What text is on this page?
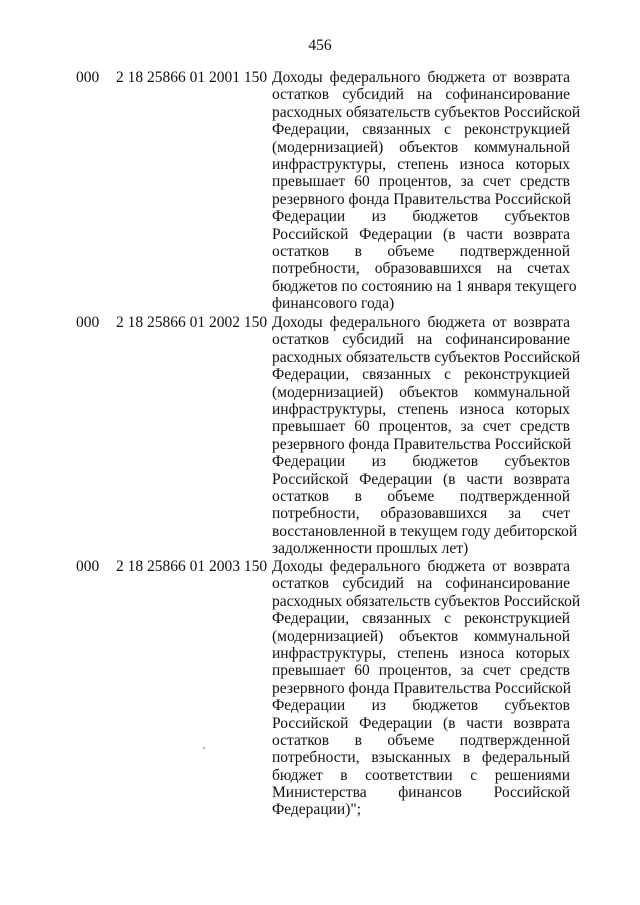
456
000 2 18 25866 01 2001 150 Доходы федерального бюджета от возврата
остатков субсидий на софинансирование
расходных обязательств субъектов Российской
Федерации, связанных с реконструкцией
(модернизацией) объектов коммунальной
инфраструктуры, степень износа которых
превышает 60 процентов, за счет средств
резервного фонда Правительства Российской
Федерации из бюджетов субъектов
Российской Федерации (в части возврата
остатков в объеме подтвержденной
потребности, образовавшихся на счетах
бюджетов по состоянию на 1 января текущего
финансового года)

000 2 18 25866 01 2002 150 Доходы федерального бюджета от возврата
остатков субсидий на софинансирование
расходных обязательств субъектов Российской
Федерации, связанных с реконструкцией
(модернизацией) объектов коммунальной
инфраструктуры, степень износа которых
превышает 60 процентов, за счет средств
резервного фонда Правительства Российской
Федерации из бюджетов субъектов
Российской Федерации (в части возврата
остатков в объеме подтвержденной
потребности, образовавшихся за счет
восстановленной в текущем году дебиторской
задолженности прошлых лет)

000 2 18 25866 01 2003 150 Доходы федерального бюджета от возврата
остатков субсидий на софинансирование
расходных обязательств субъектов Российской
Федерации, связанных с реконструкцией
(модернизацией) объектов коммунальной
инфраструктуры, степень износа которых
превышает 60 процентов, за счет средств
резервного фонда Правительства Российской
Федерации из бюджетов субъектов
Российской Федерации (в части возврата
остатков в объеме подтвержденной
потребности, взысканных в федеральный
бюджет в соответствии с решениями
Министерства финансов Российской
Федерации)";
